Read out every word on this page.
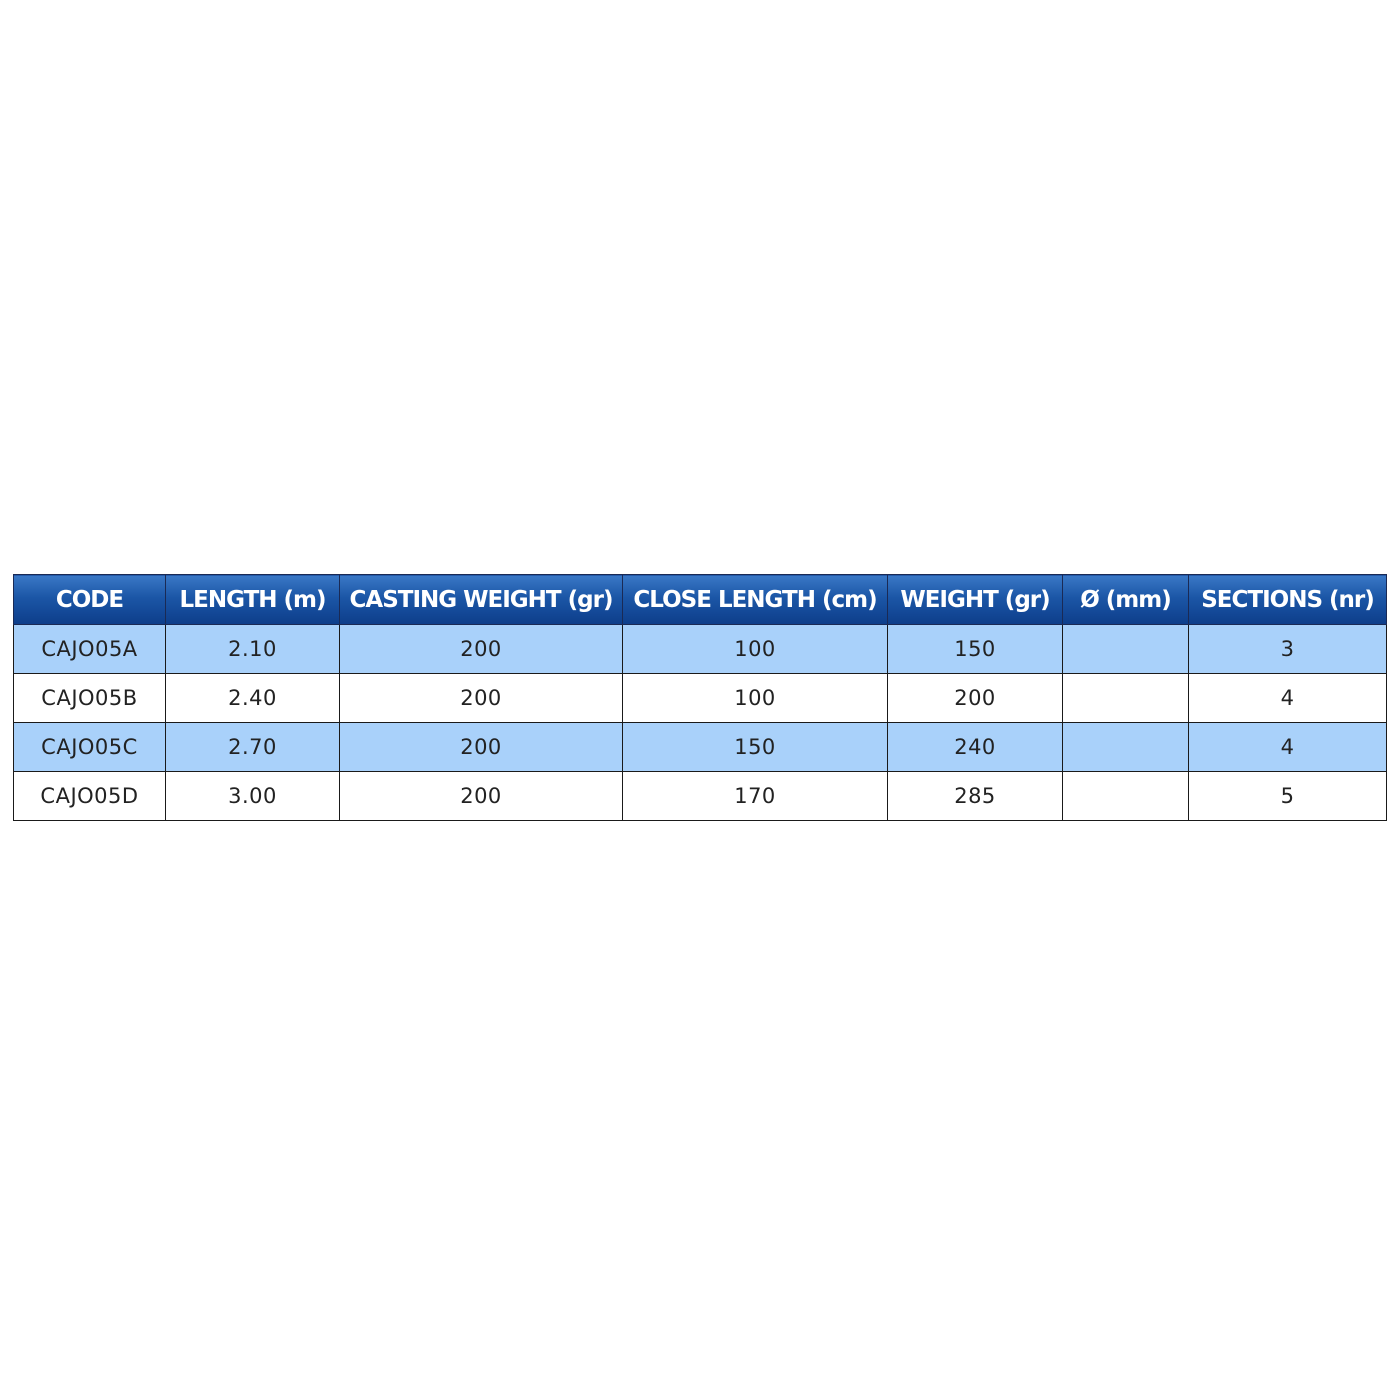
CODE	LENGTH (m)	CASTING WEIGHT (gr)	CLOSE LENGTH (cm)	WEIGHT (gr)	Ø (mm)	SECTIONS (nr)
CAJO05A	2.10	200	100	150		3
CAJO05B	2.40	200	100	200		4
CAJO05C	2.70	200	150	240		4
CAJO05D	3.00	200	170	285		5
